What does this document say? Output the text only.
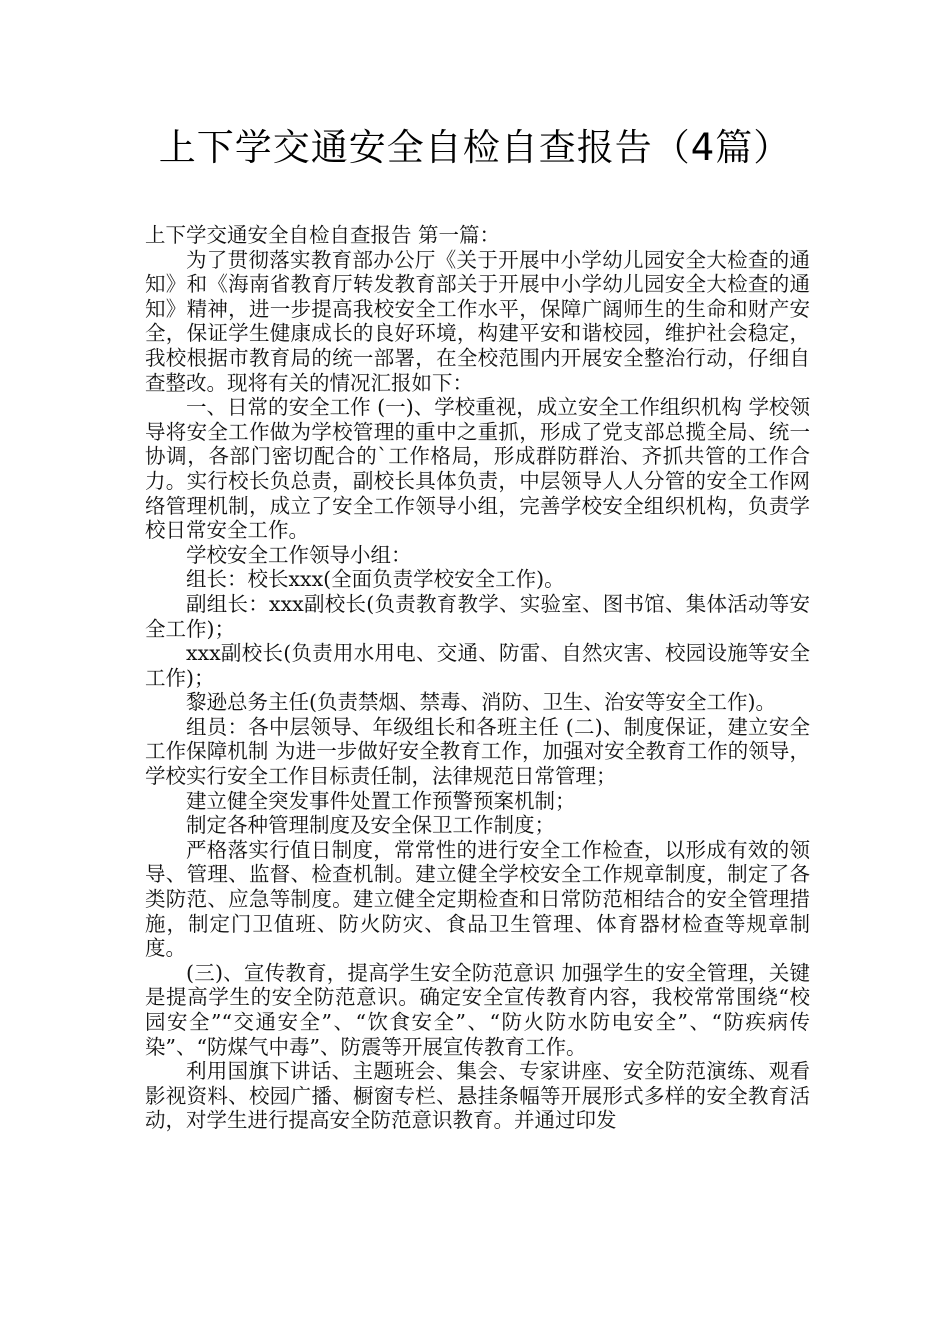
上下学交通安全自检自查报告（4篇）

上下学交通安全自检自查报告 第一篇：

为了贯彻落实教育部办公厅《关于开展中小学幼儿园安全大检查的通知》和《海南省教育厅转发教育部关于开展中小学幼儿园安全大检查的通知》精神，进一步提高我校安全工作水平，保障广阔师生的生命和财产安全，保证学生健康成长的良好环境，构建平安和谐校园，维护社会稳定，我校根据市教育局的统一部署，在全校范围内开展安全整治行动，仔细自查整改。现将有关的情况汇报如下：

一、日常的安全工作 (一)、学校重视，成立安全工作组织机构 学校领导将安全工作做为学校管理的重中之重抓，形成了党支部总揽全局、统一协调，各部门密切配合的`工作格局，形成群防群治、齐抓共管的工作合力。实行校长负总责，副校长具体负责，中层领导人人分管的安全工作网络管理机制，成立了安全工作领导小组，完善学校安全组织机构，负责学校日常安全工作。

学校安全工作领导小组：

组长：校长xxx(全面负责学校安全工作)。

副组长：xxx副校长(负责教育教学、实验室、图书馆、集体活动等安全工作)；

xxx副校长(负责用水用电、交通、防雷、自然灾害、校园设施等安全工作)；

黎逊总务主任(负责禁烟、禁毒、消防、卫生、治安等安全工作)。

组员：各中层领导、年级组长和各班主任 (二)、制度保证，建立安全工作保障机制 为进一步做好安全教育工作，加强对安全教育工作的领导，学校实行安全工作目标责任制，法律规范日常管理；

建立健全突发事件处置工作预警预案机制；

制定各种管理制度及安全保卫工作制度；

严格落实行值日制度，常常性的进行安全工作检查，以形成有效的领导、管理、监督、检查机制。建立健全学校安全工作规章制度，制定了各类防范、应急等制度。建立健全定期检查和日常防范相结合的安全管理措施，制定门卫值班、防火防灾、食品卫生管理、体育器材检查等规章制度。

(三)、宣传教育，提高学生安全防范意识 加强学生的安全管理，关键是提高学生的安全防范意识。确定安全宣传教育内容，我校常常围绕“校园安全”“交通安全”、“饮食安全”、“防火防水防电安全”、“防疾病传染”、“防煤气中毒”、防震等开展宣传教育工作。

利用国旗下讲话、主题班会、集会、专家讲座、安全防范演练、观看影视资料、校园广播、橱窗专栏、悬挂条幅等开展形式多样的安全教育活动，对学生进行提高安全防范意识教育。并通过印发
